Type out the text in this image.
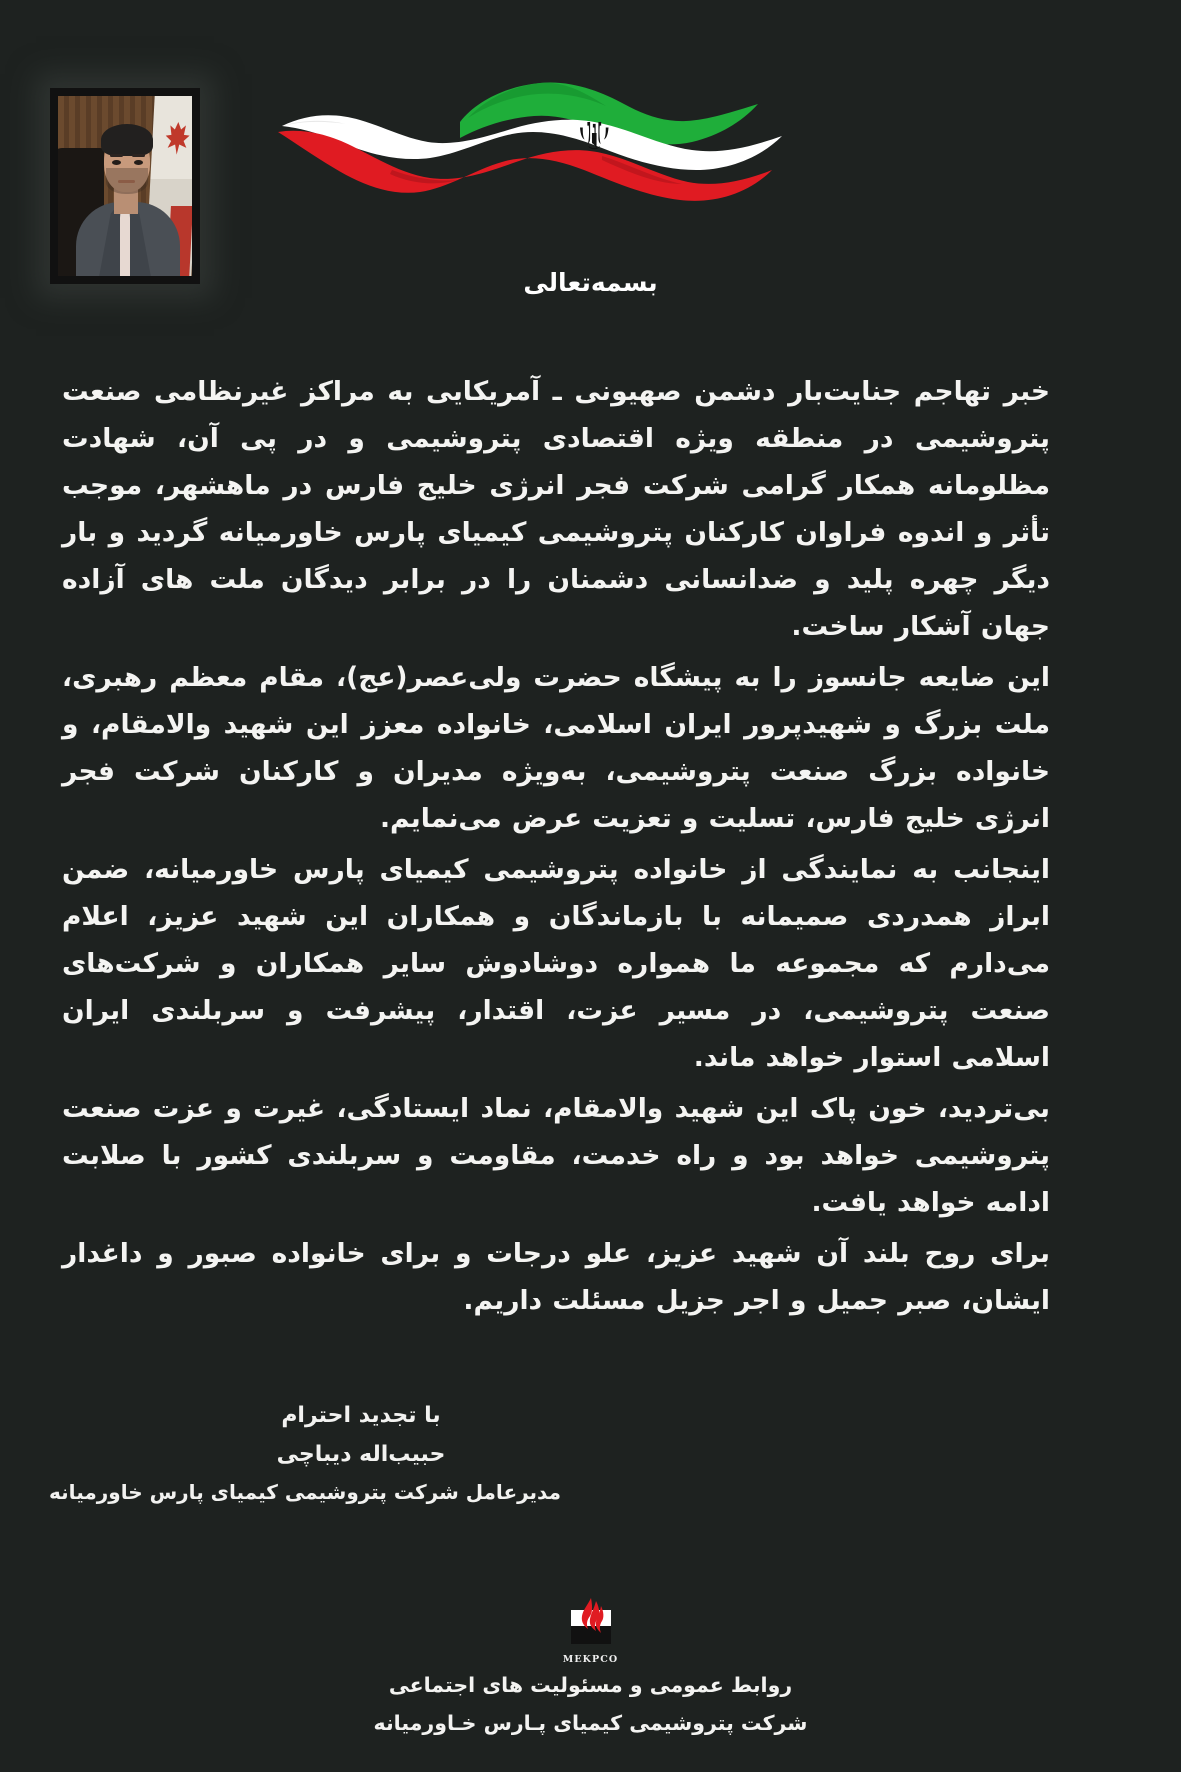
بسمه‌تعالی

خبر تهاجم جنایت‌بار دشمن صهیونی ـ آمریکایی به مراکز غیرنظامی صنعت پتروشیمی در منطقه ویژه اقتصادی پتروشیمی و در پی آن، شهادت مظلومانه همکار گرامی شرکت فجر انرژی خلیج فارس در ماهشهر، موجب تأثر و اندوه فراوان کارکنان پتروشیمی کیمیای پارس خاورمیانه گردید و بار دیگر چهره پلید و ضدانسانی دشمنان را در برابر دیدگان ملت های آزاده جهان آشکار ساخت.

این ضایعه جانسوز را به پیشگاه حضرت ولی‌عصر(عج)، مقام معظم رهبری، ملت بزرگ و شهیدپرور ایران اسلامی، خانواده معزز این شهید والامقام، و خانواده بزرگ صنعت پتروشیمی، به‌ویژه مدیران و کارکنان شرکت فجر انرژی خلیج فارس، تسلیت و تعزیت عرض می‌نمایم.

اینجانب به نمایندگی از خانواده پتروشیمی کیمیای پارس خاورمیانه، ضمن ابراز همدردی صمیمانه با بازماندگان و همکاران این شهید عزیز، اعلام می‌دارم که مجموعه ما همواره دوشادوش سایر همکاران و شرکت‌های صنعت پتروشیمی، در مسیر عزت، اقتدار، پیشرفت و سربلندی ایران اسلامی استوار خواهد ماند.

بی‌تردید، خون پاک این شهید والامقام، نماد ایستادگی، غیرت و عزت صنعت پتروشیمی خواهد بود و راه خدمت، مقاومت و سربلندی کشور با صلابت ادامه خواهد یافت.

برای روح بلند آن شهید عزیز، علو درجات و برای خانواده صبور و داغدار ایشان، صبر جمیل و اجر جزیل مسئلت داریم.

با تجدید احترام
حبیب‌اله دیباچی
مدیرعامل شرکت پتروشیمی کیمیای پارس خاورمیانه
MEKPCO
روابط عمومی و مسئولیت های اجتماعی
شرکت پتروشیمی کیمیای پـارس خـاورمیانه
